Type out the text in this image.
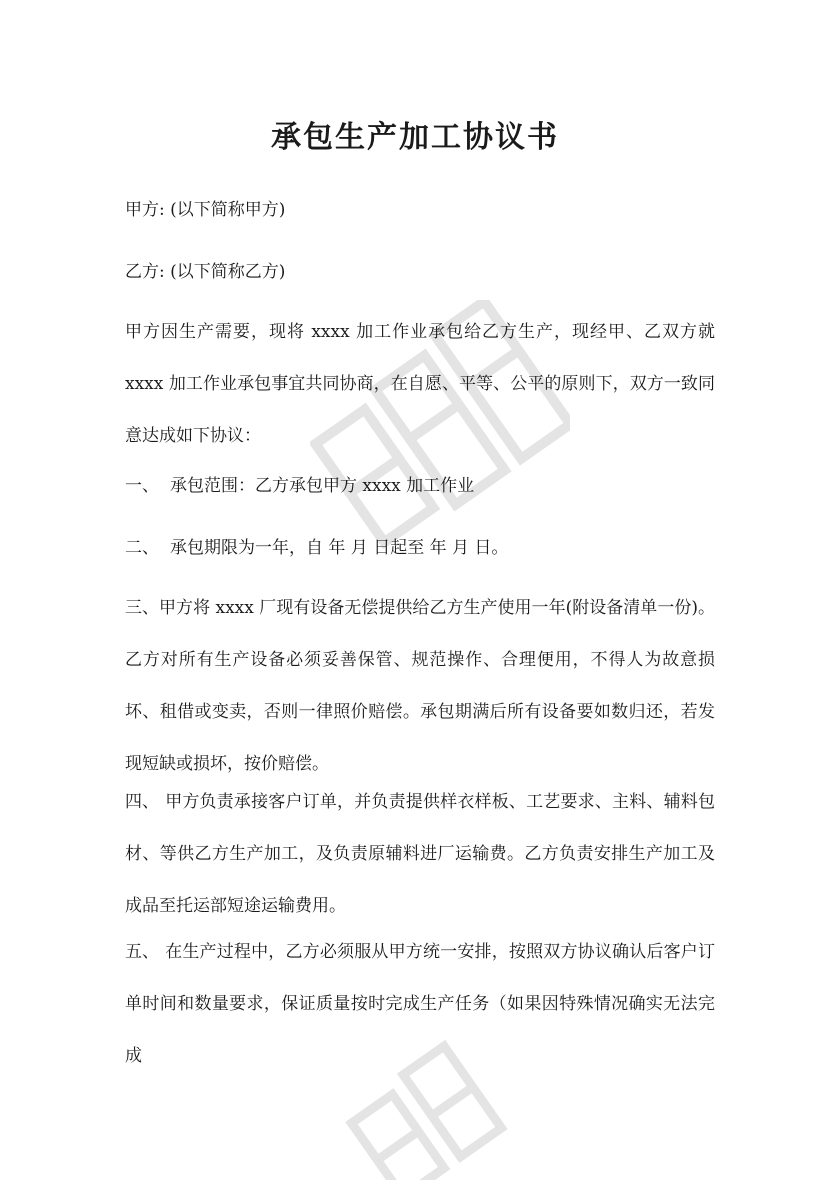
承包生产加工协议书

甲方: (以下简称甲方)

乙方: (以下简称乙方)

甲方因生产需要，现将 xxxx 加工作业承包给乙方生产，现经甲、乙双方就 xxxx 加工作业承包事宜共同协商，在自愿、平等、公平的原则下，双方一致同意达成如下协议：

一、 承包范围：乙方承包甲方 xxxx 加工作业

二、 承包期限为一年，自 年 月 日起至 年 月 日。

三、甲方将 xxxx 厂现有设备无偿提供给乙方生产使用一年(附设备清单一份)。乙方对所有生产设备必须妥善保管、规范操作、合理便用，不得人为故意损坏、租借或变卖，否则一律照价赔偿。承包期满后所有设备要如数归还，若发现短缺或损坏，按价赔偿。

四、 甲方负责承接客户订单，并负责提供样衣样板、工艺要求、主料、辅料包材、等供乙方生产加工，及负责原辅料进厂运输费。乙方负责安排生产加工及成品至托运部短途运输费用。

五、 在生产过程中，乙方必须服从甲方统一安排，按照双方协议确认后客户订单时间和数量要求，保证质量按时完成生产任务（如果因特殊情况确实无法完成
